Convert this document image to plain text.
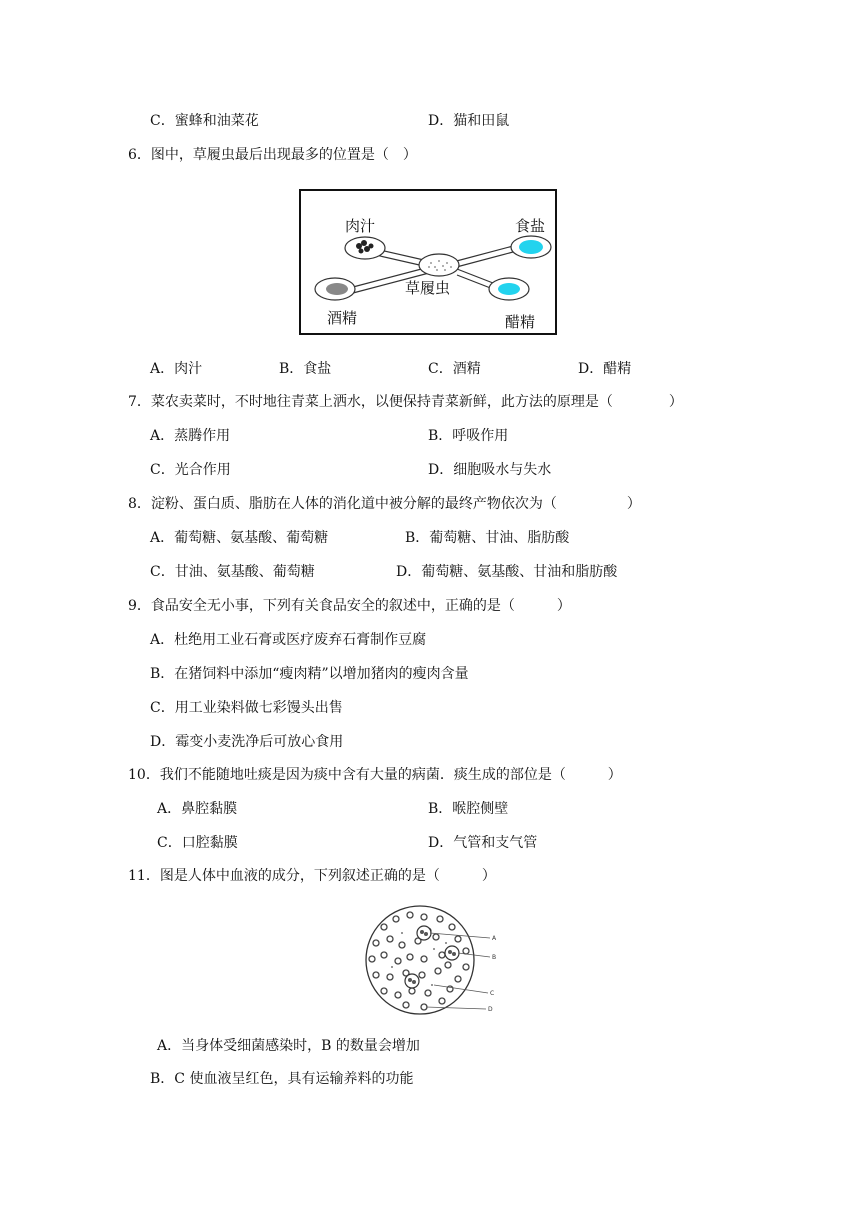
C．蜜蜂和油菜花	D．猫和田鼠
6．图中，草履虫最后出现最多的位置是（　）
肉汁	食盐
草履虫
酒精	醋精
A．肉汁	B．食盐	C．酒精	D．醋精
7．菜农卖菜时，不时地往青菜上洒水，以便保持青菜新鲜，此方法的原理是（　　　　）
A．蒸腾作用	B．呼吸作用
C．光合作用	D．细胞吸水与失水
8．淀粉、蛋白质、脂肪在人体的消化道中被分解的最终产物依次为（　　　　　）
A．葡萄糖、氨基酸、葡萄糖	B．葡萄糖、甘油、脂肪酸
C．甘油、氨基酸、葡萄糖	D．葡萄糖、氨基酸、甘油和脂肪酸
9．食品安全无小事，下列有关食品安全的叙述中，正确的是（　　　）
A．杜绝用工业石膏或医疗废弃石膏制作豆腐
B．在猪饲料中添加“瘦肉精”以增加猪肉的瘦肉含量
C．用工业染料做七彩馒头出售
D．霉变小麦洗净后可放心食用
10．我们不能随地吐痰是因为痰中含有大量的病菌．痰生成的部位是（　　　）
A．鼻腔黏膜	B．喉腔侧壁
C．口腔黏膜	D．气管和支气管
11．图是人体中血液的成分，下列叙述正确的是（　　　）
A
B
C
D
A．当身体受细菌感染时，B 的数量会增加
B．C 使血液呈红色，具有运输养料的功能
